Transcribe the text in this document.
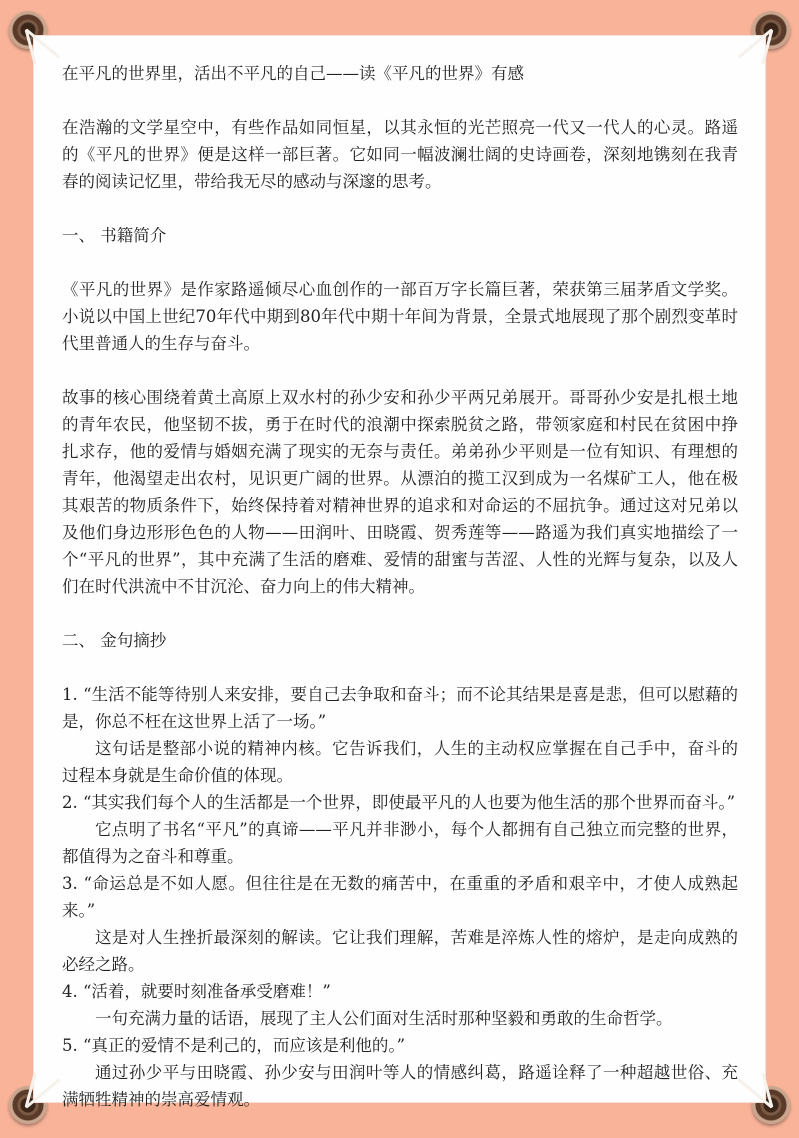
在平凡的世界里，活出不平凡的自己——读《平凡的世界》有感

在浩瀚的文学星空中，有些作品如同恒星，以其永恒的光芒照亮一代又一代人的心灵。路遥的《平凡的世界》便是这样一部巨著。它如同一幅波澜壮阔的史诗画卷，深刻地镌刻在我青春的阅读记忆里，带给我无尽的感动与深邃的思考。

一、 书籍简介

《平凡的世界》是作家路遥倾尽心血创作的一部百万字长篇巨著，荣获第三届茅盾文学奖。小说以中国上世纪70年代中期到80年代中期十年间为背景，全景式地展现了那个剧烈变革时代里普通人的生存与奋斗。

故事的核心围绕着黄土高原上双水村的孙少安和孙少平两兄弟展开。哥哥孙少安是扎根土地的青年农民，他坚韧不拔，勇于在时代的浪潮中探索脱贫之路，带领家庭和村民在贫困中挣扎求存，他的爱情与婚姻充满了现实的无奈与责任。弟弟孙少平则是一位有知识、有理想的青年，他渴望走出农村，见识更广阔的世界。从漂泊的揽工汉到成为一名煤矿工人，他在极其艰苦的物质条件下，始终保持着对精神世界的追求和对命运的不屈抗争。通过这对兄弟以及他们身边形形色色的人物——田润叶、田晓霞、贺秀莲等——路遥为我们真实地描绘了一个“平凡的世界”，其中充满了生活的磨难、爱情的甜蜜与苦涩、人性的光辉与复杂，以及人们在时代洪流中不甘沉沦、奋力向上的伟大精神。

二、 金句摘抄

1. “生活不能等待别人来安排，要自己去争取和奋斗；而不论其结果是喜是悲，但可以慰藉的是，你总不枉在这世界上活了一场。”

这句话是整部小说的精神内核。它告诉我们，人生的主动权应掌握在自己手中，奋斗的过程本身就是生命价值的体现。

2. “其实我们每个人的生活都是一个世界，即使最平凡的人也要为他生活的那个世界而奋斗。”

它点明了书名“平凡”的真谛——平凡并非渺小，每个人都拥有自己独立而完整的世界，都值得为之奋斗和尊重。

3. “命运总是不如人愿。但往往是在无数的痛苦中，在重重的矛盾和艰辛中，才使人成熟起来。”

这是对人生挫折最深刻的解读。它让我们理解，苦难是淬炼人性的熔炉，是走向成熟的必经之路。

4. “活着，就要时刻准备承受磨难！”

一句充满力量的话语，展现了主人公们面对生活时那种坚毅和勇敢的生命哲学。

5. “真正的爱情不是利己的，而应该是利他的。”

通过孙少平与田晓霞、孙少安与田润叶等人的情感纠葛，路遥诠释了一种超越世俗、充满牺牲精神的崇高爱情观。
